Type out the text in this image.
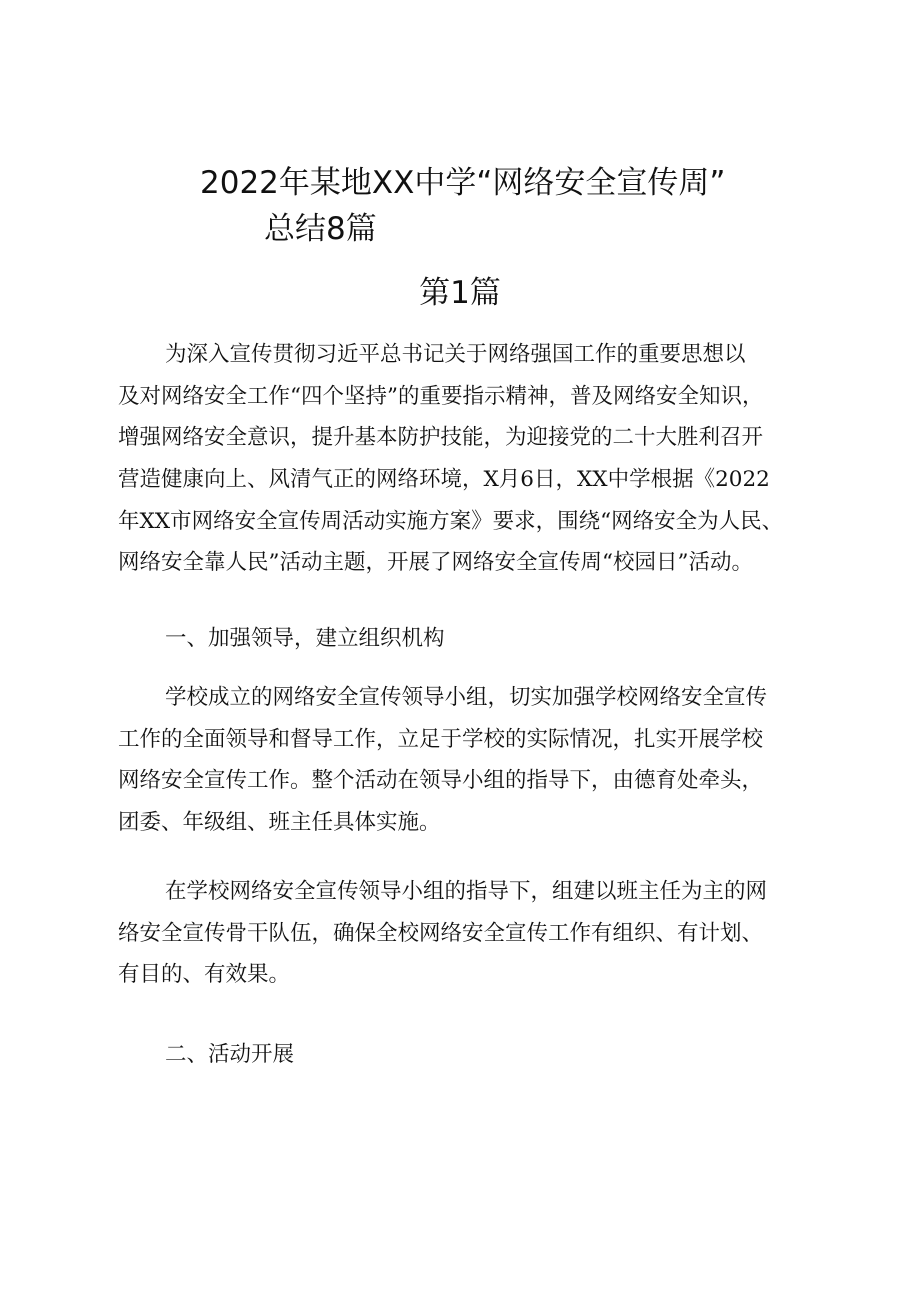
2022年某地XX中学“网络安全宣传周”
总结8篇
第1篇

为深入宣传贯彻习近平总书记关于网络强国工作的重要思想以
及对网络安全工作“四个坚持”的重要指示精神，普及网络安全知识，
增强网络安全意识，提升基本防护技能，为迎接党的二十大胜利召开
营造健康向上、风清气正的网络环境，X月6日，XX中学根据《2022
年XX市网络安全宣传周活动实施方案》要求，围绕“网络安全为人民、
网络安全靠人民”活动主题，开展了网络安全宣传周“校园日”活动。

一、加强领导，建立组织机构

学校成立的网络安全宣传领导小组，切实加强学校网络安全宣传
工作的全面领导和督导工作，立足于学校的实际情况，扎实开展学校
网络安全宣传工作。整个活动在领导小组的指导下，由德育处牵头，
团委、年级组、班主任具体实施。

在学校网络安全宣传领导小组的指导下，组建以班主任为主的网
络安全宣传骨干队伍，确保全校网络安全宣传工作有组织、有计划、
有目的、有效果。

二、活动开展
